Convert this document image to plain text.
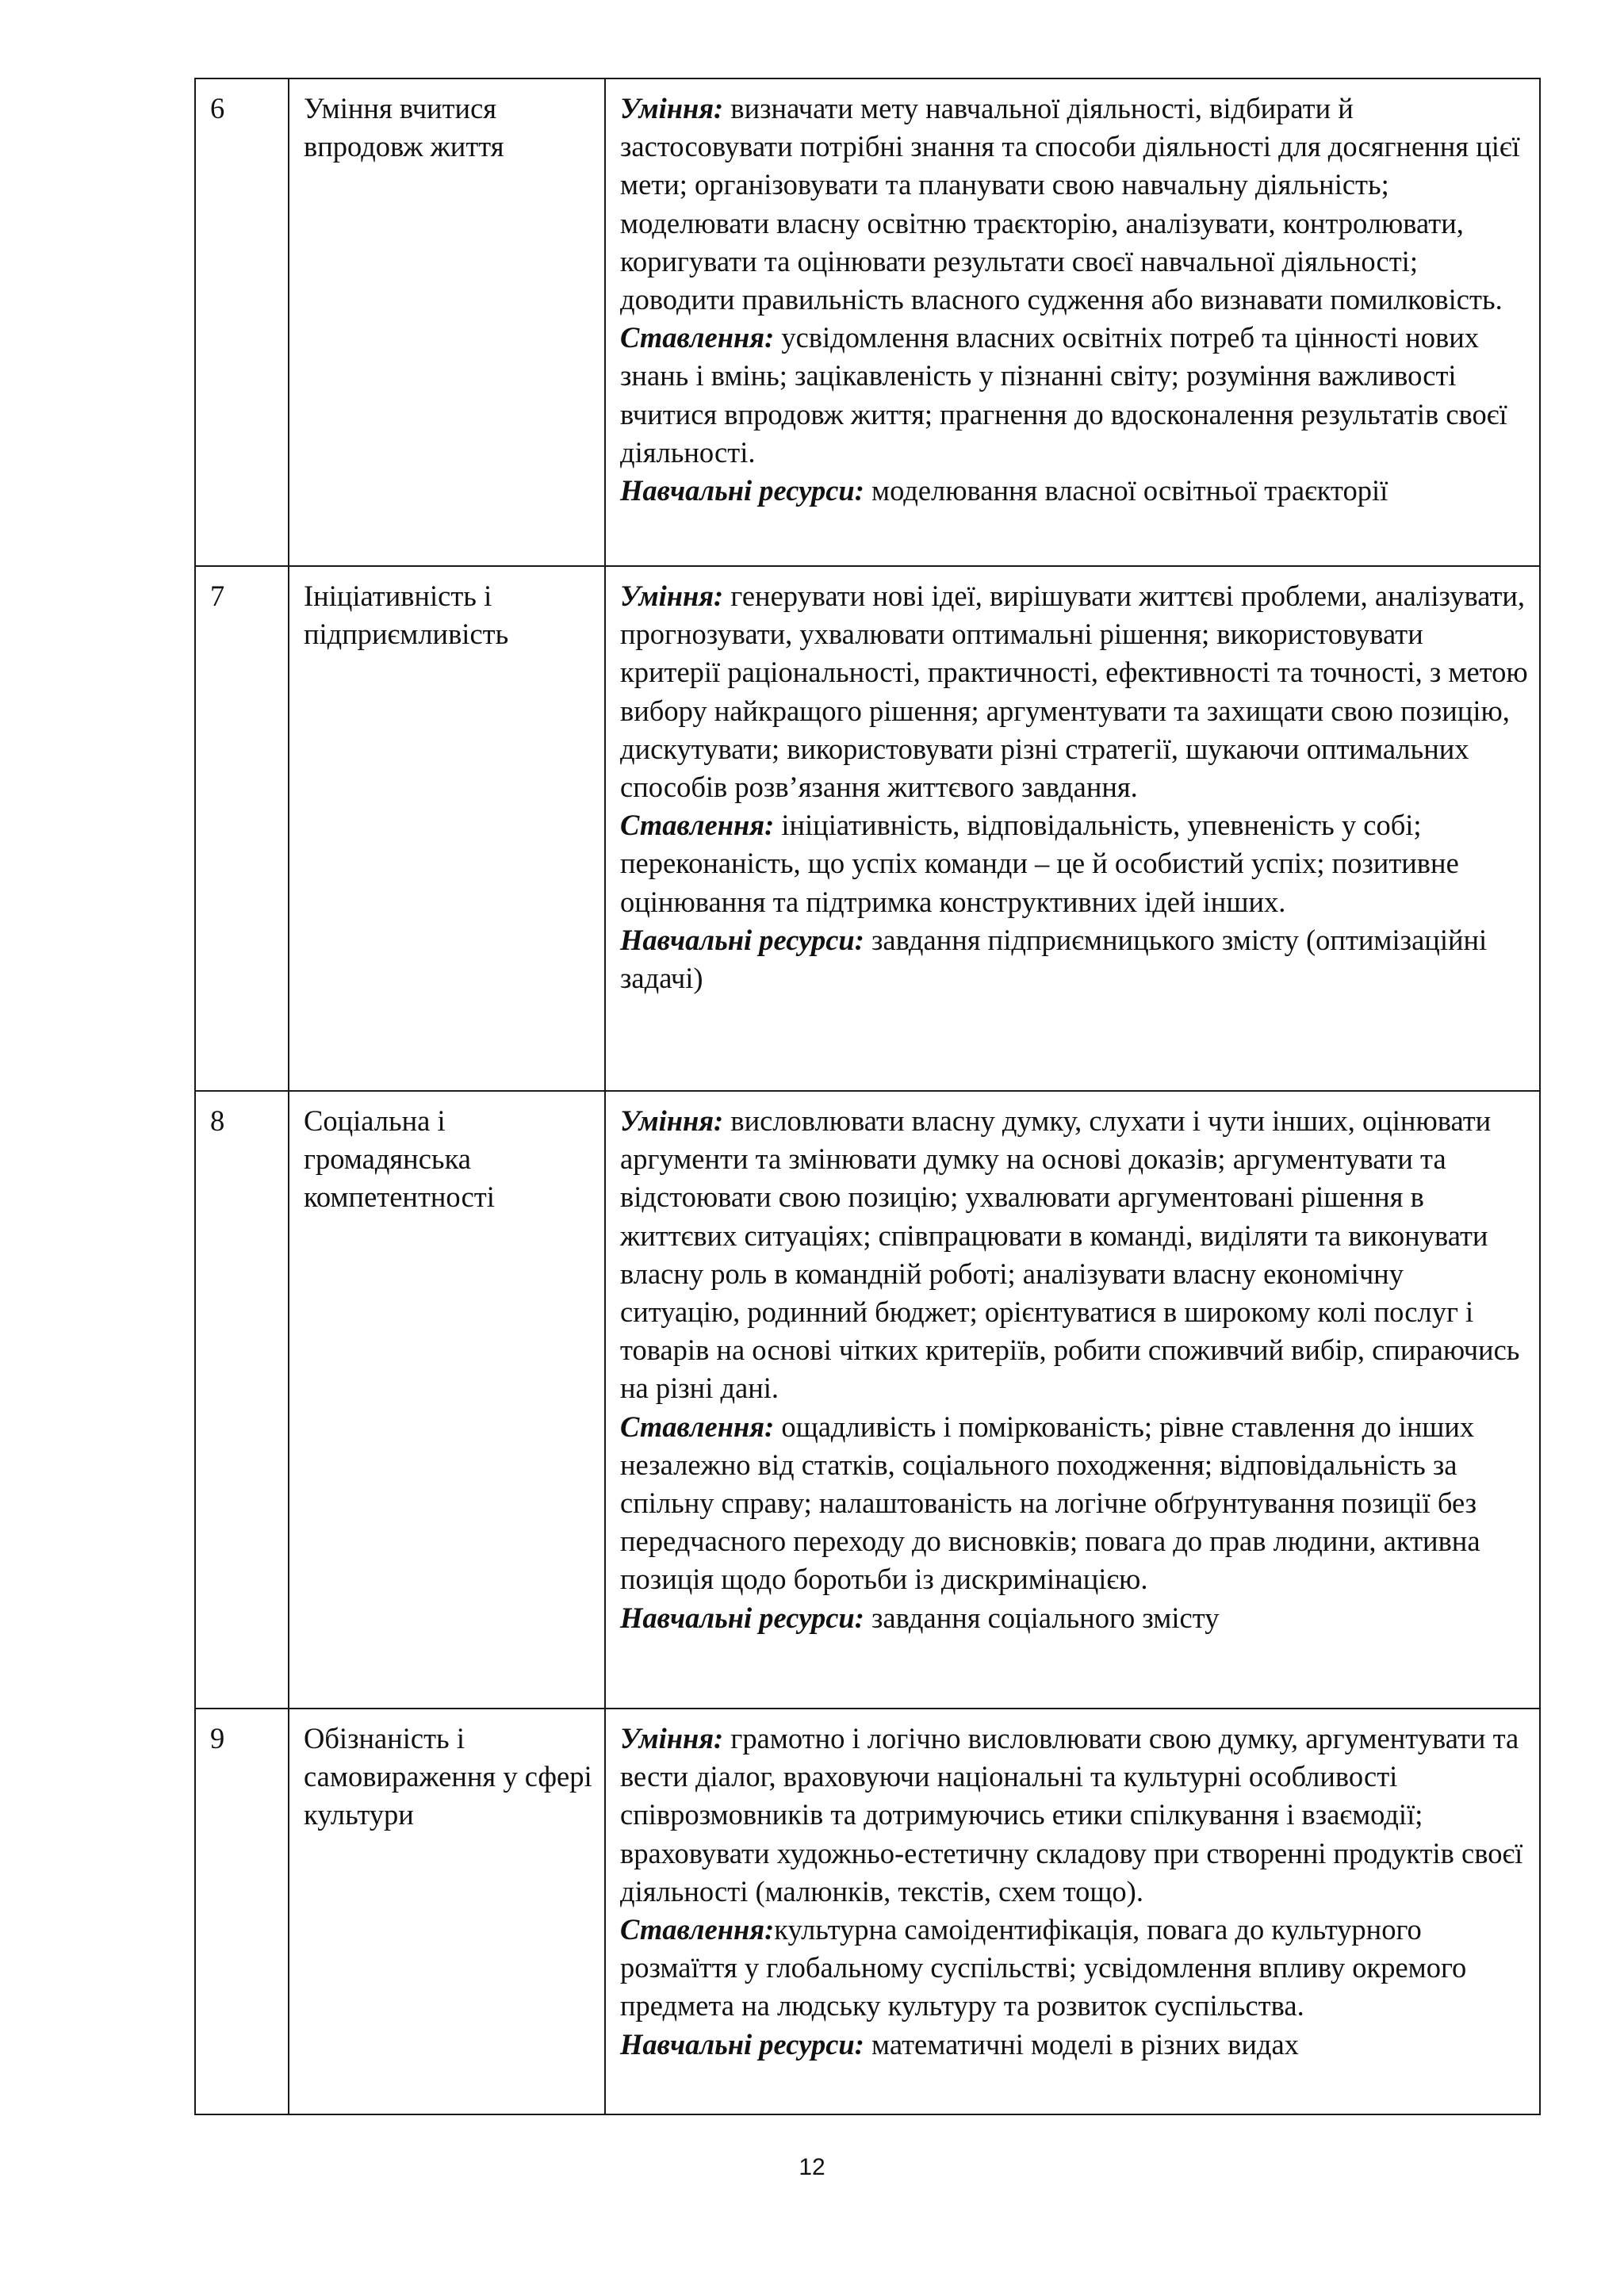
6	Уміння вчитися впродовж життя	Уміння: визначати мету навчальної діяльності, відбирати й застосовувати потрібні знання та способи діяльності для досягнення цієї мети; організовувати та планувати свою навчальну діяльність; моделювати власну освітню траєкторію, аналізувати, контролювати, коригувати та оцінювати результати своєї навчальної діяльності; доводити правильність власного судження або визнавати помилковість.
Ставлення: усвідомлення власних освітніх потреб та цінності нових знань і вмінь; зацікавленість у пізнанні світу; розуміння важливості вчитися впродовж життя; прагнення до вдосконалення результатів своєї діяльності.
Навчальні ресурси: моделювання власної освітньої траєкторії

7	Ініціативність і підприємливість	Уміння: генерувати нові ідеї, вирішувати життєві проблеми, аналізувати, прогнозувати, ухвалювати оптимальні рішення; використовувати критерії раціональності, практичності, ефективності та точності, з метою вибору найкращого рішення; аргументувати та захищати свою позицію, дискутувати; використовувати різні стратегії, шукаючи оптимальних способів розв’язання життєвого завдання.
Ставлення: ініціативність, відповідальність, упевненість у собі; переконаність, що успіх команди – це й особистий успіх; позитивне оцінювання та підтримка конструктивних ідей інших.
Навчальні ресурси: завдання підприємницького змісту (оптимізаційні задачі)

8	Соціальна і громадянська компетентності	Уміння: висловлювати власну думку, слухати і чути інших, оцінювати аргументи та змінювати думку на основі доказів; аргументувати та відстоювати свою позицію; ухвалювати аргументовані рішення в життєвих ситуаціях; співпрацювати в команді, виділяти та виконувати власну роль в командній роботі; аналізувати власну економічну ситуацію, родинний бюджет; орієнтуватися в широкому колі послуг і товарів на основі чітких критеріїв, робити споживчий вибір, спираючись на різні дані.
Ставлення: ощадливість і поміркованість; рівне ставлення до інших незалежно від статків, соціального походження; відповідальність за спільну справу; налаштованість на логічне обґрунтування позиції без передчасного переходу до висновків; повага до прав людини, активна позиція щодо боротьби із дискримінацією.
Навчальні ресурси: завдання соціального змісту

9	Обізнаність і самовираження у сфері культури	Уміння: грамотно і логічно висловлювати свою думку, аргументувати та вести діалог, враховуючи національні та культурні особливості співрозмовників та дотримуючись етики спілкування і взаємодії; враховувати художньо-естетичну складову при створенні продуктів своєї діяльності (малюнків, текстів, схем тощо).
Ставлення:культурна самоідентифікація, повага до культурного розмаїття у глобальному суспільстві; усвідомлення впливу окремого предмета на людську культуру та розвиток суспільства.
Навчальні ресурси: математичні моделі в різних видах
12
